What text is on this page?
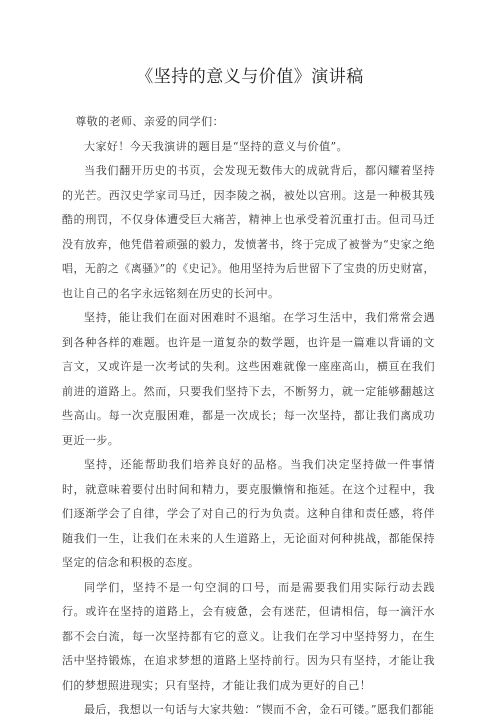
《坚持的意义与价值》演讲稿

尊敬的老师、亲爱的同学们：

大家好！今天我演讲的题目是“坚持的意义与价值”。

当我们翻开历史的书页，会发现无数伟大的成就背后，都闪耀着坚持的光芒。西汉史学家司马迁，因李陵之祸，被处以宫刑。这是一种极其残酷的刑罚，不仅身体遭受巨大痛苦，精神上也承受着沉重打击。但司马迁没有放弃，他凭借着顽强的毅力，发愤著书，终于完成了被誉为“史家之绝唱，无韵之《离骚》”的《史记》。他用坚持为后世留下了宝贵的历史财富，也让自己的名字永远铭刻在历史的长河中。

坚持，能让我们在面对困难时不退缩。在学习生活中，我们常常会遇到各种各样的难题。也许是一道复杂的数学题，也许是一篇难以背诵的文言文，又或许是一次考试的失利。这些困难就像一座座高山，横亘在我们前进的道路上。然而，只要我们坚持下去，不断努力，就一定能够翻越这些高山。每一次克服困难，都是一次成长；每一次坚持，都让我们离成功更近一步。

坚持，还能帮助我们培养良好的品格。当我们决定坚持做一件事情时，就意味着要付出时间和精力，要克服懒惰和拖延。在这个过程中，我们逐渐学会了自律，学会了对自己的行为负责。这种自律和责任感，将伴随我们一生，让我们在未来的人生道路上，无论面对何种挑战，都能保持坚定的信念和积极的态度。

同学们，坚持不是一句空洞的口号，而是需要我们用实际行动去践行。或许在坚持的道路上，会有疲惫，会有迷茫，但请相信，每一滴汗水都不会白流，每一次坚持都有它的意义。让我们在学习中坚持努力，在生活中坚持锻炼，在追求梦想的道路上坚持前行。因为只有坚持，才能让我们的梦想照进现实；只有坚持，才能让我们成为更好的自己！

最后，我想以一句话与大家共勉：“锲而不舍，金石可镂。”愿我们都能
